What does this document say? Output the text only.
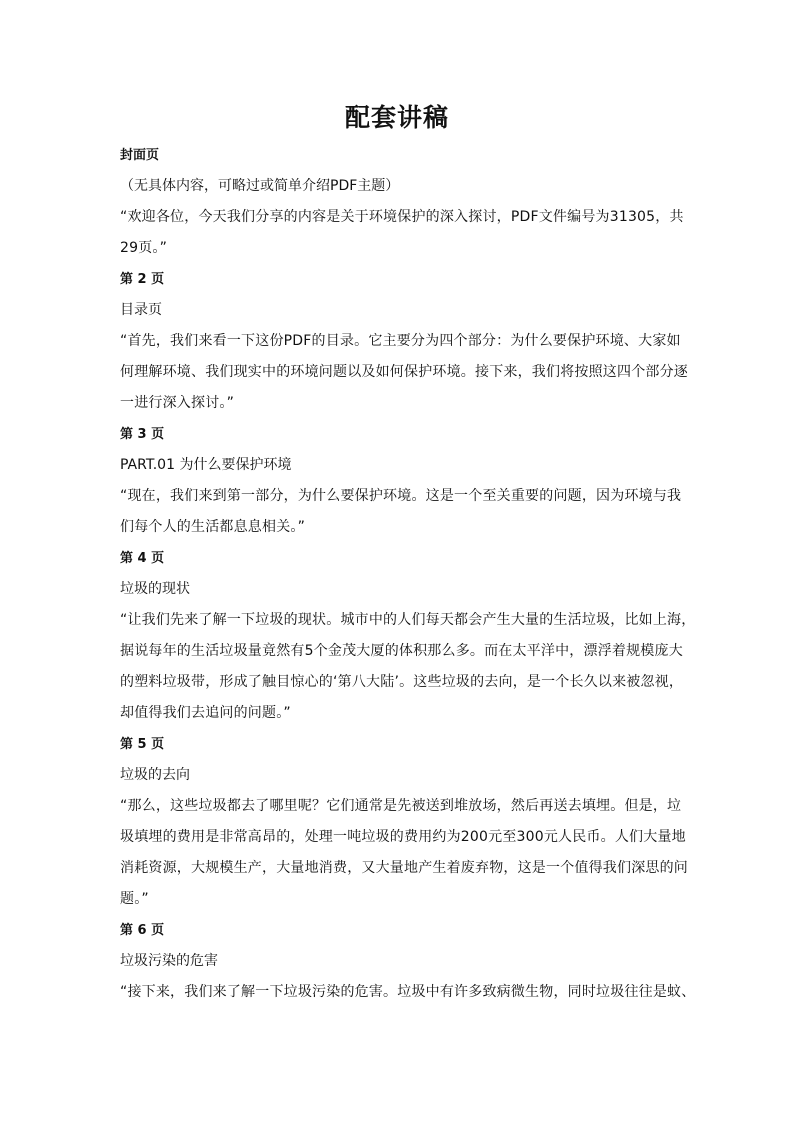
配套讲稿

封面页

（无具体内容，可略过或简单介绍PDF主题）

“欢迎各位，今天我们分享的内容是关于环境保护的深入探讨，PDF文件编号为31305，共

29页。”

第 2 页

目录页

“首先，我们来看一下这份PDF的目录。它主要分为四个部分：为什么要保护环境、大家如

何理解环境、我们现实中的环境问题以及如何保护环境。接下来，我们将按照这四个部分逐

一进行深入探讨。”

第 3 页

PART.01 为什么要保护环境

“现在，我们来到第一部分，为什么要保护环境。这是一个至关重要的问题，因为环境与我

们每个人的生活都息息相关。”

第 4 页

垃圾的现状

“让我们先来了解一下垃圾的现状。城市中的人们每天都会产生大量的生活垃圾，比如上海，

据说每年的生活垃圾量竟然有5个金茂大厦的体积那么多。而在太平洋中，漂浮着规模庞大

的塑料垃圾带，形成了触目惊心的‘第八大陆’。这些垃圾的去向，是一个长久以来被忽视，

却值得我们去追问的问题。”

第 5 页

垃圾的去向

“那么，这些垃圾都去了哪里呢？它们通常是先被送到堆放场，然后再送去填埋。但是，垃

圾填埋的费用是非常高昂的，处理一吨垃圾的费用约为200元至300元人民币。人们大量地

消耗资源，大规模生产，大量地消费，又大量地产生着废弃物，这是一个值得我们深思的问

题。”

第 6 页

垃圾污染的危害

“接下来，我们来了解一下垃圾污染的危害。垃圾中有许多致病微生物，同时垃圾往往是蚊、
